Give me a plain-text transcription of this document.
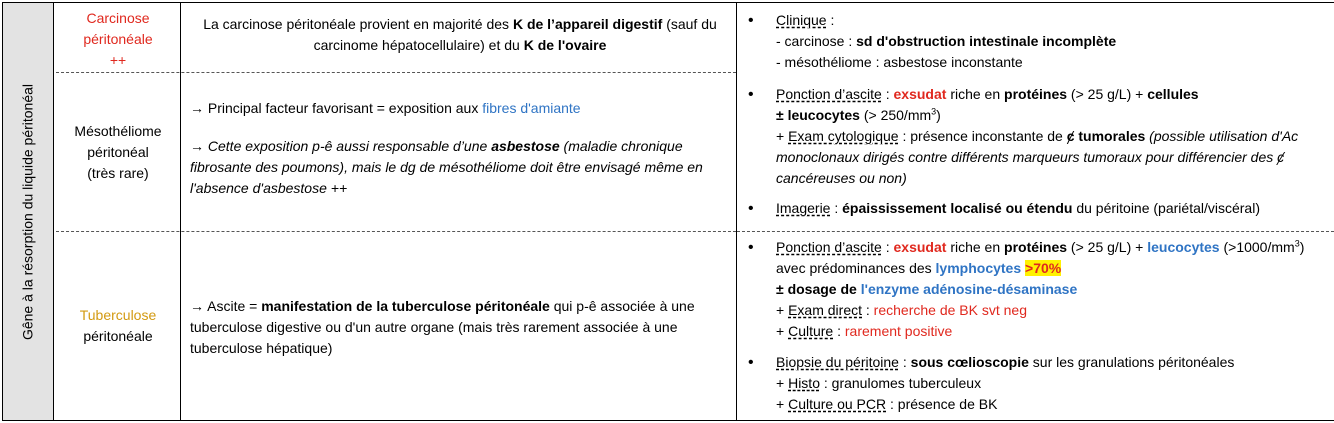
Gêne à la résorption du liquide péritonéal
Carcinose
péritonéale
++
La carcinose péritonéale provient en majorité des K de l’appareil digestif (sauf du carcinome hépatocellulaire) et du K de l'ovaire
Mésothéliome
péritonéal
(très rare)
→ Principal facteur favorisant = exposition aux fibres d'amiante
→ Cette exposition p-ê aussi responsable d’une asbestose (maladie chronique fibrosante des poumons), mais le dg de mésothéliome doit être envisagé même en l'absence d'asbestose ++
Tuberculose
péritonéale
→ Ascite = manifestation de la tuberculose péritonéale qui p-ê associée à une tuberculose digestive ou d'un autre organe (mais très rarement associée à une tuberculose hépatique)
• Clinique :
- carcinose : sd d'obstruction intestinale incomplète
- mésothéliome : asbestose inconstante
• Ponction d’ascite : exsudat riche en protéines (> 25 g/L) + cellules
± leucocytes (> $250/mm^3$)
+ Exam cytologique : présence inconstante de ȼ tumorales (possible utilisation d'Ac monoclonaux dirigés contre différents marqueurs tumoraux pour différencier des ȼ cancéreuses ou non)
• Imagerie : épaississement localisé ou étendu du péritoine (pariétal/viscéral)
• Ponction d’ascite : exsudat riche en protéines (> 25 g/L) + leucocytes $(>1000/mm^3)$
avec prédominances des lymphocytes >70%
± dosage de l'enzyme adénosine-désaminase
+ Exam direct : recherche de BK svt neg
+ Culture : rarement positive
• Biopsie du péritoine : sous cœlioscopie sur les granulations péritonéales
+ Histo : granulomes tuberculeux
+ Culture ou PCR : présence de BK
